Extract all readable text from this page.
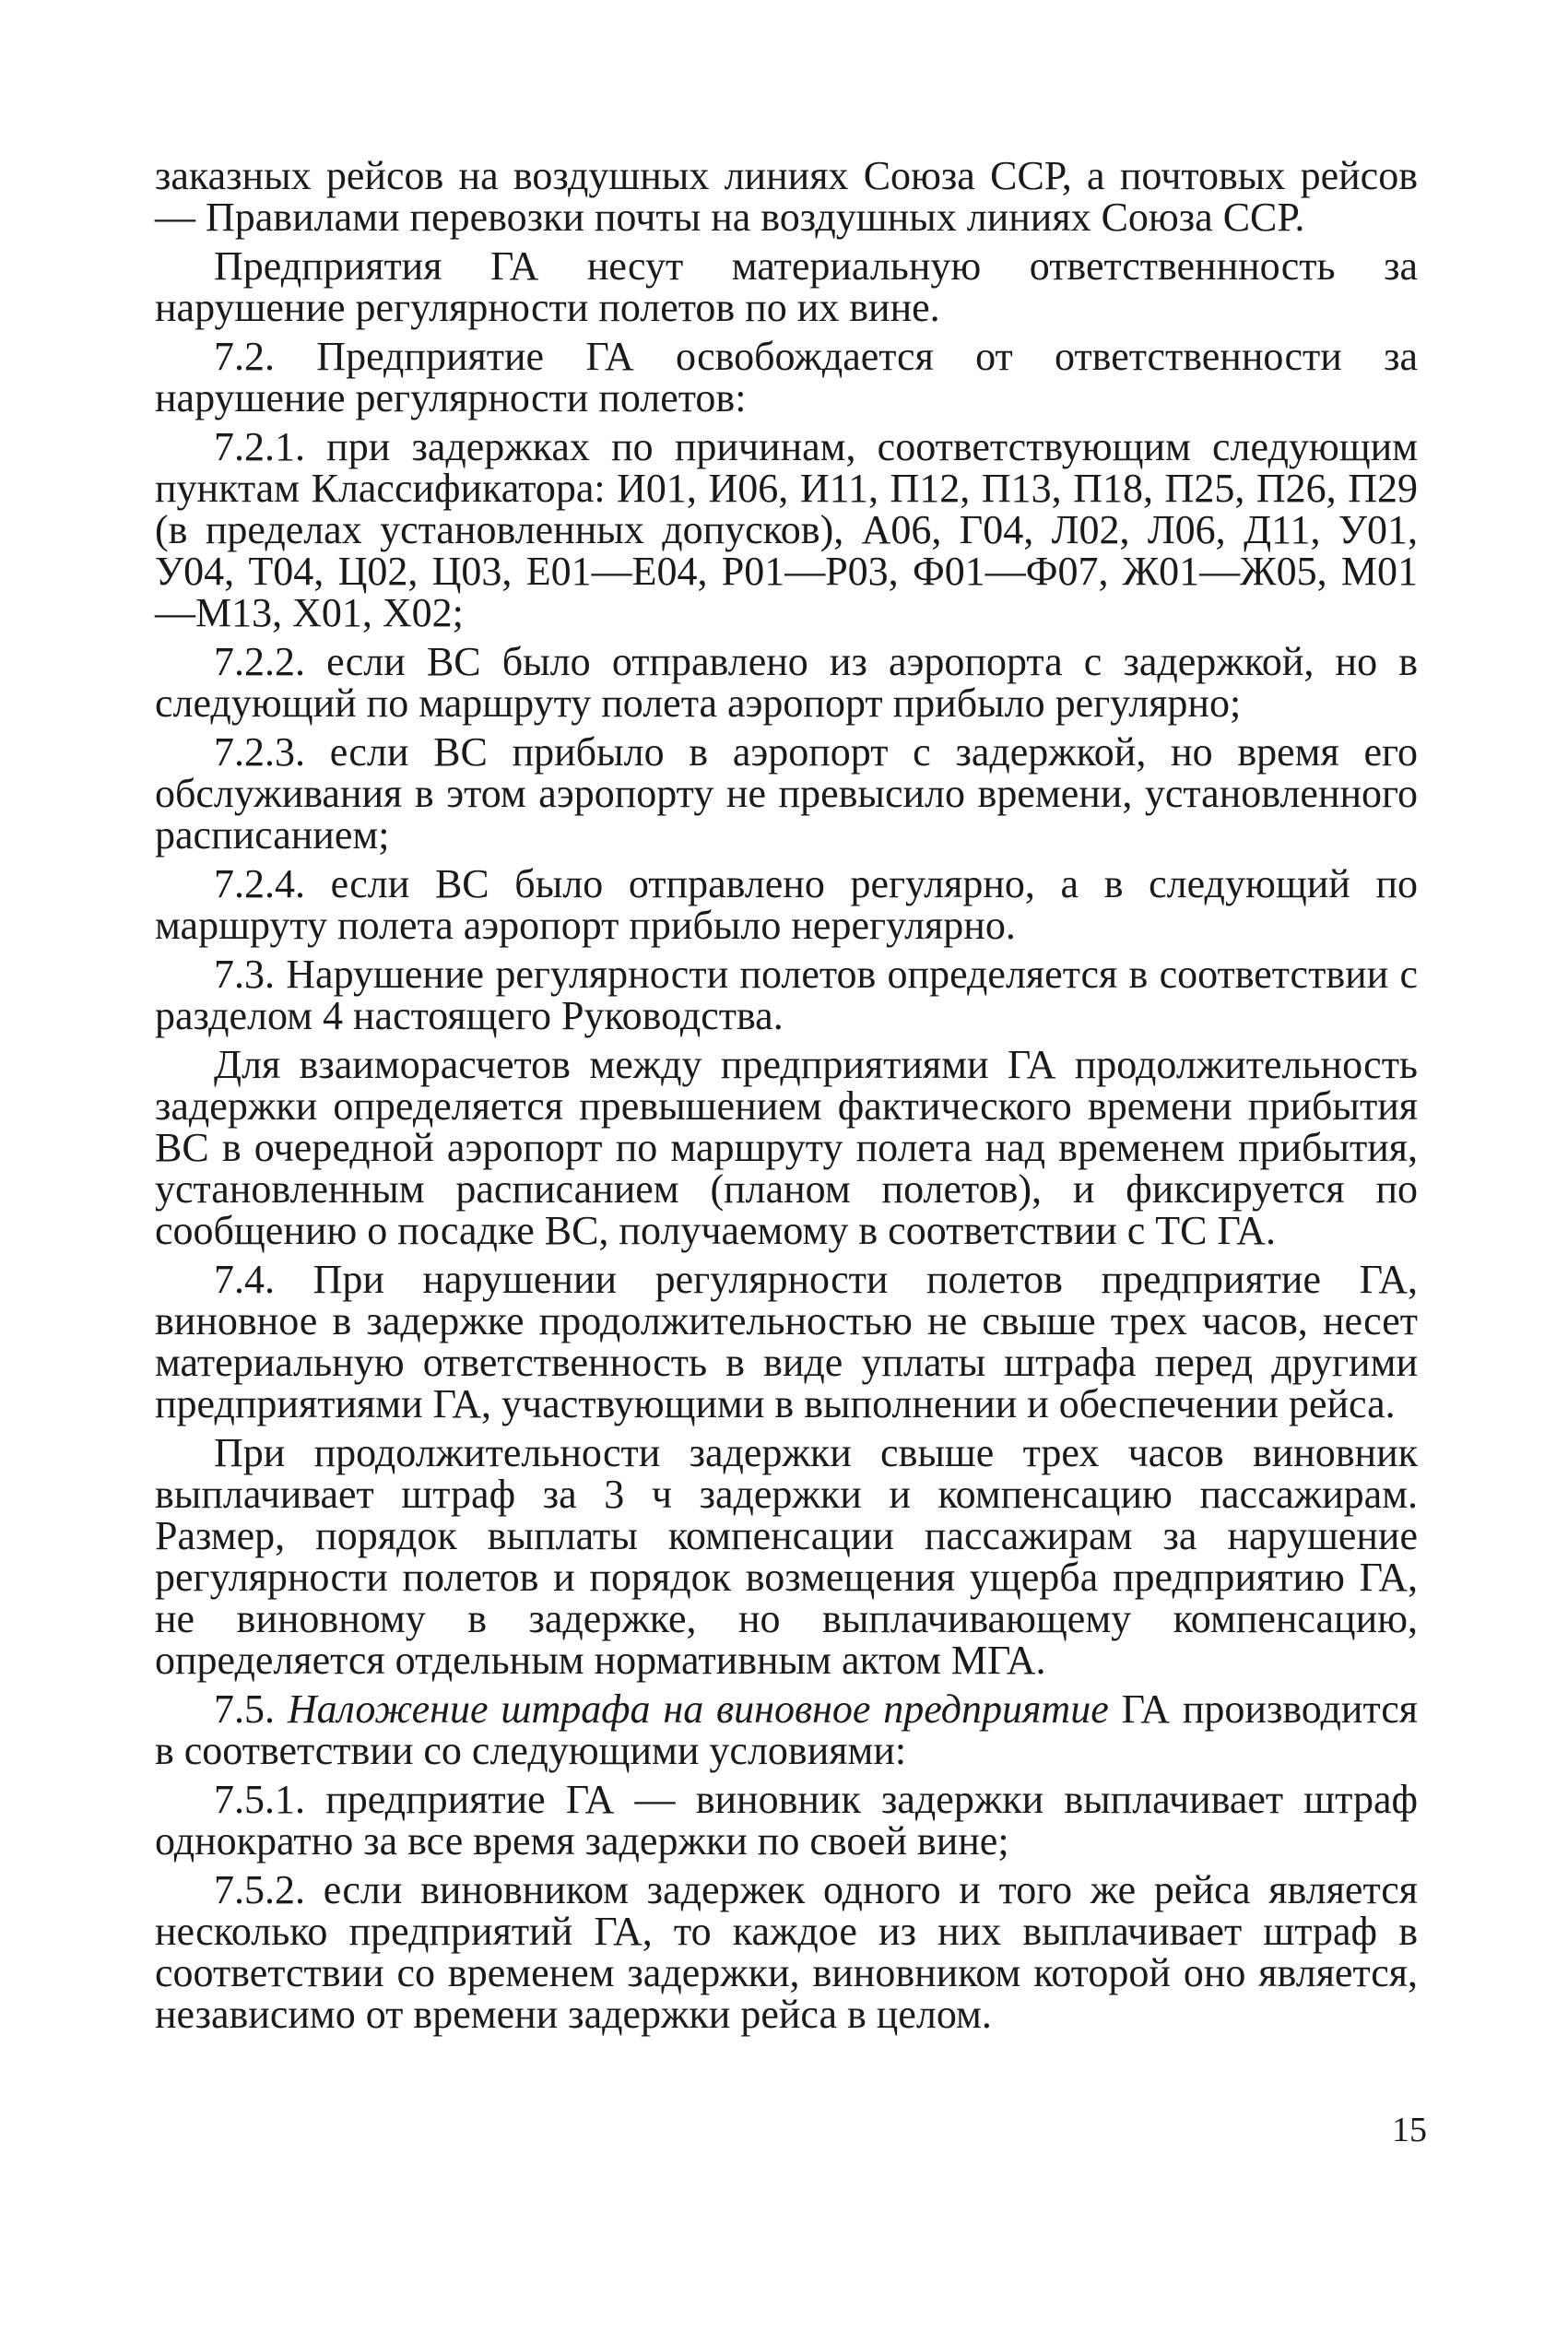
заказных рейсов на воздушных линиях Союза ССР, а почтовых рейсов — Правилами перевозки почты на воздушных линиях Союза ССР.

Предприятия ГА несут материальную ответственнность за нарушение регулярности полетов по их вине.

7.2. Предприятие ГА освобождается от ответственности за нарушение регулярности полетов:

7.2.1. при задержках по причинам, соответствующим следующим пунктам Классификатора: И01, И06, И11, П12, П13, П18, П25, П26, П29 (в пределах установленных допусков), А06, Г04, Л02, Л06, Д11, У01, У04, Т04, Ц02, Ц03, Е01—Е04, Р01—Р03, Ф01—Ф07, Ж01—Ж05, М01—М13, Х01, Х02;

7.2.2. если ВС было отправлено из аэропорта с задержкой, но в следующий по маршруту полета аэропорт прибыло регулярно;

7.2.3. если ВС прибыло в аэропорт с задержкой, но время его обслуживания в этом аэропорту не превысило времени, установленного расписанием;

7.2.4. если ВС было отправлено регулярно, а в следующий по маршруту полета аэропорт прибыло нерегулярно.

7.3. Нарушение регулярности полетов определяется в соответствии с разделом 4 настоящего Руководства.

Для взаиморасчетов между предприятиями ГА продолжительность задержки определяется превышением фактического времени прибытия ВС в очередной аэропорт по маршруту полета над временем прибытия, установленным расписанием (планом полетов), и фиксируется по сообщению о посадке ВС, получаемому в соответствии с ТС ГА.

7.4. При нарушении регулярности полетов предприятие ГА, виновное в задержке продолжительностью не свыше трех часов, несет материальную ответственность в виде уплаты штрафа перед другими предприятиями ГА, участвующими в выполнении и обеспечении рейса.

При продолжительности задержки свыше трех часов виновник выплачивает штраф за 3 ч задержки и компенсацию пассажирам. Размер, порядок выплаты компенсации пассажирам за нарушение регулярности полетов и порядок возмещения ущерба предприятию ГА, не виновному в задержке, но выплачивающему компенсацию, определяется отдельным нормативным актом МГА.

7.5. Наложение штрафа на виновное предприятие ГА производится в соответствии со следующими условиями:

7.5.1. предприятие ГА — виновник задержки выплачивает штраф однократно за все время задержки по своей вине;

7.5.2. если виновником задержек одного и того же рейса является несколько предприятий ГА, то каждое из них выплачивает штраф в соответствии со временем задержки, виновником которой оно является, независимо от времени задержки рейса в целом.

15
